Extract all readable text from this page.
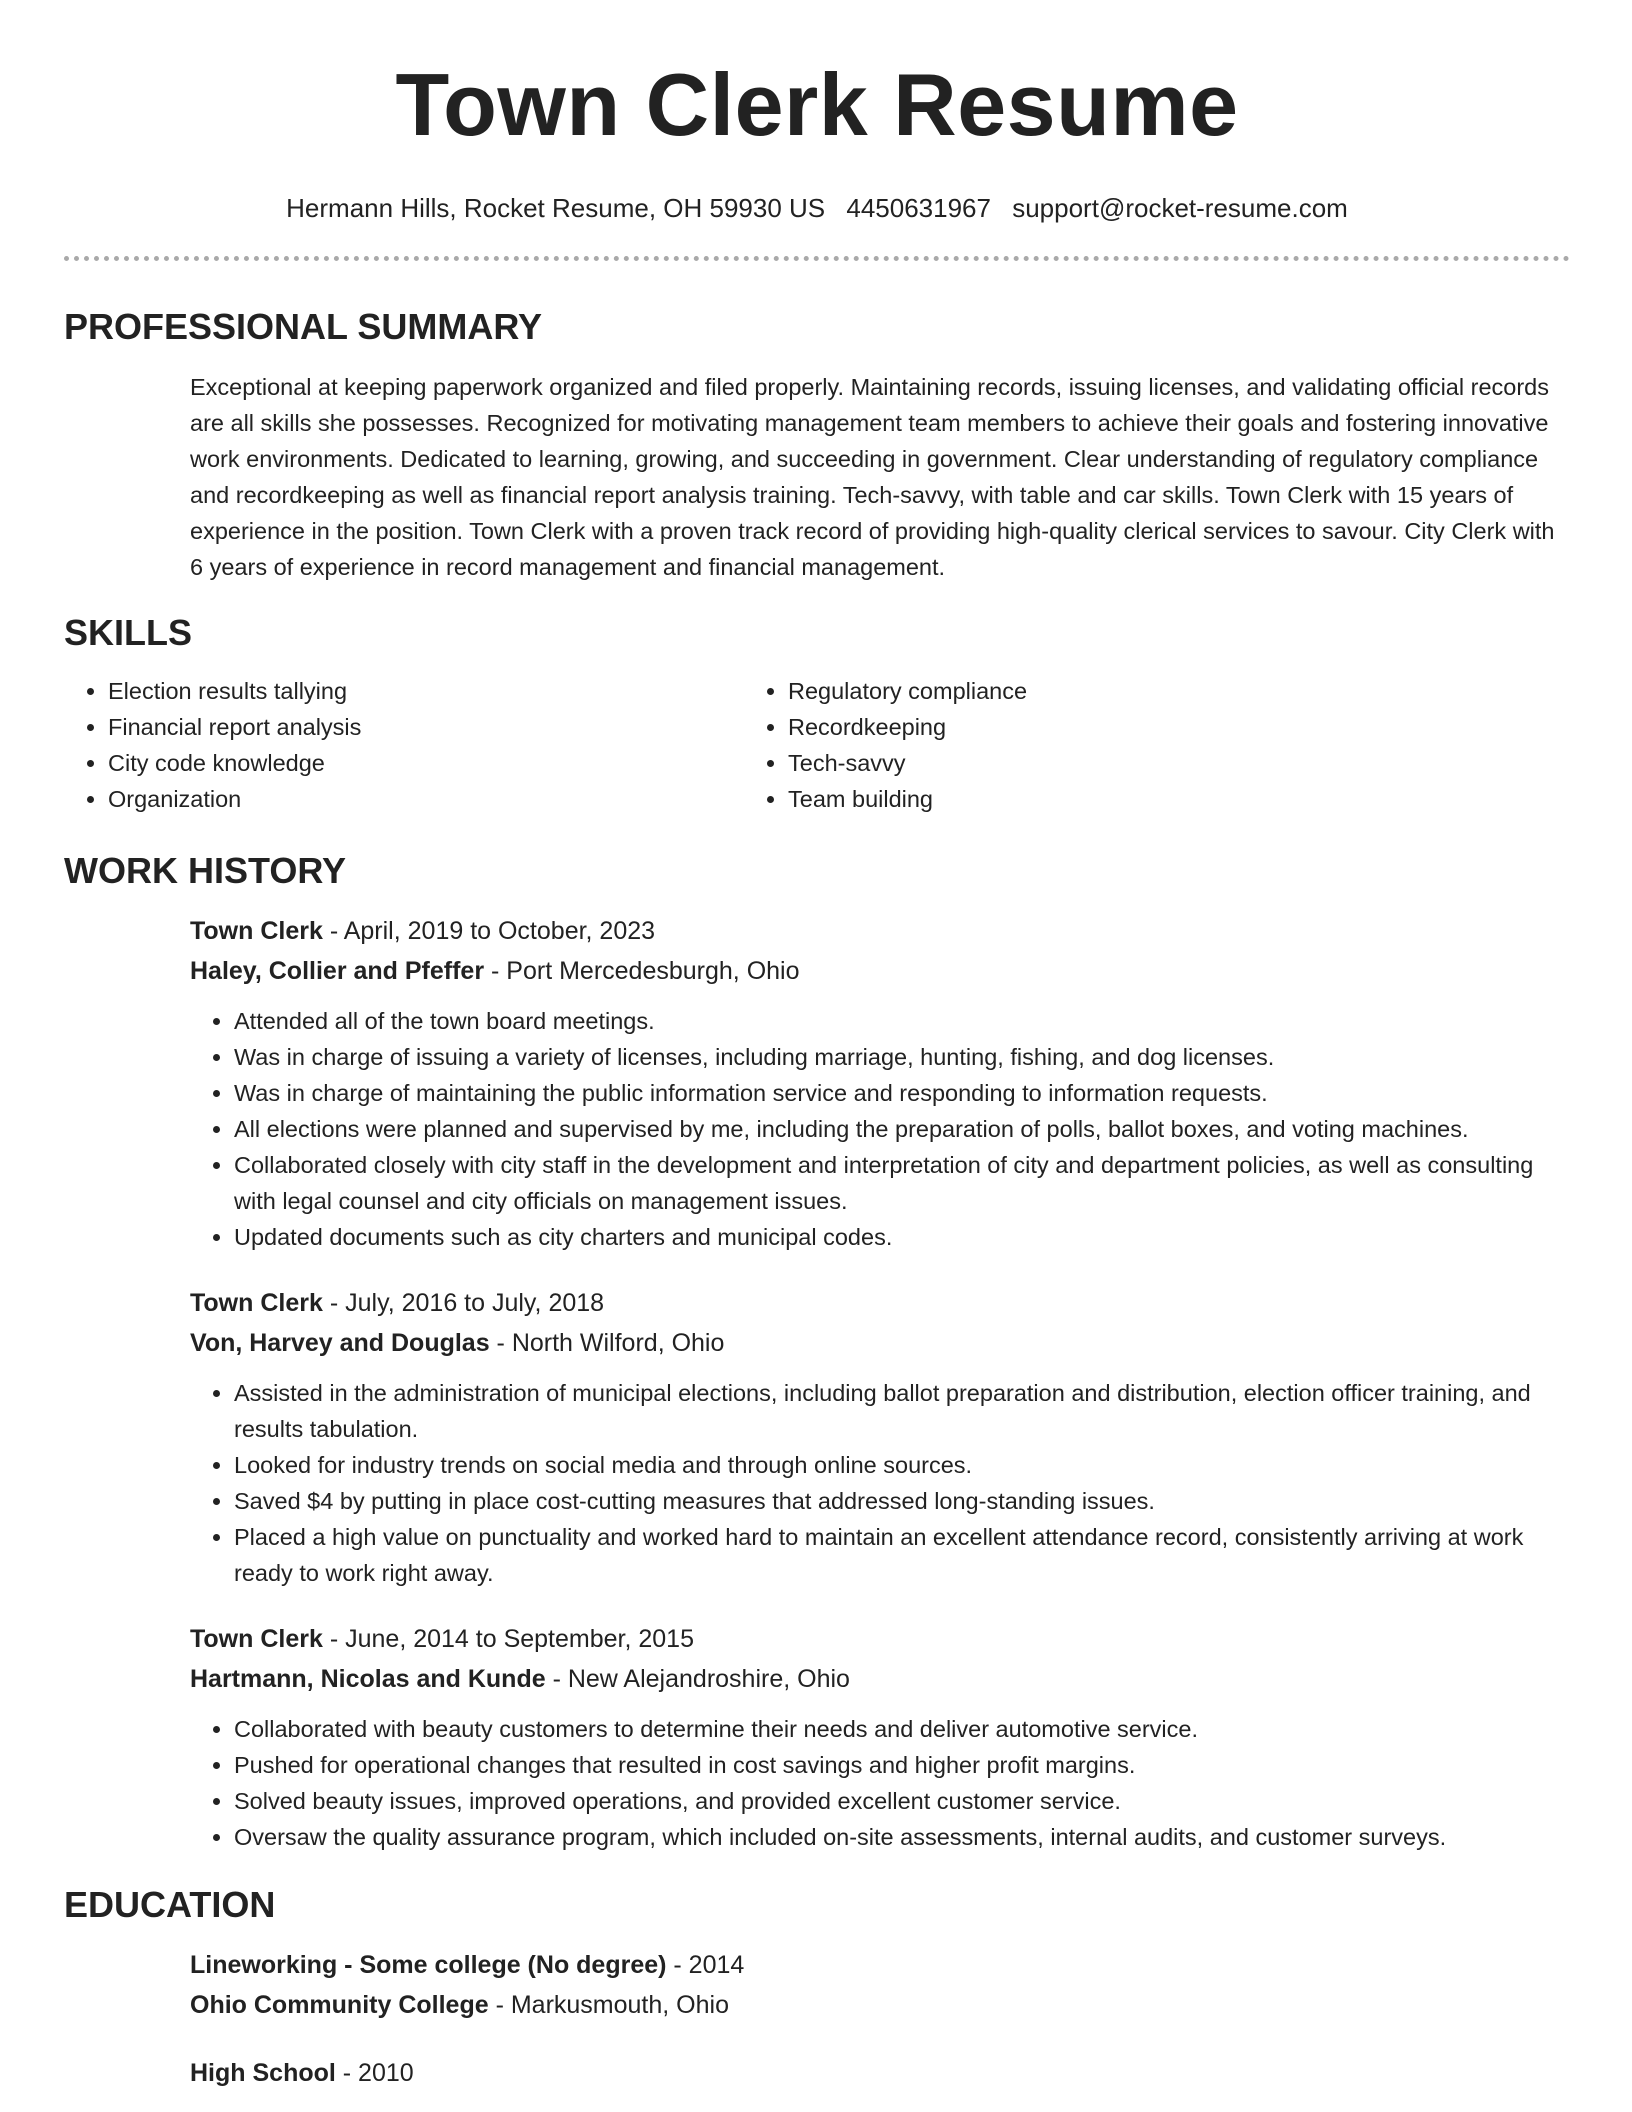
Town Clerk Resume
Hermann Hills, Rocket Resume, OH 59930 US 4450631967 support@rocket-resume.com
PROFESSIONAL SUMMARY

Exceptional at keeping paperwork organized and filed properly. Maintaining records, issuing licenses, and validating official records are all skills she possesses. Recognized for motivating management team members to achieve their goals and fostering innovative work environments. Dedicated to learning, growing, and succeeding in government. Clear understanding of regulatory compliance and recordkeeping as well as financial report analysis training. Tech-savvy, with table and car skills. Town Clerk with 15 years of experience in the position. Town Clerk with a proven track record of providing high-quality clerical services to savour. City Clerk with 6 years of experience in record management and financial management.

SKILLS
• Election results tallying
• Financial report analysis
• City code knowledge
• Organization
• Regulatory compliance
• Recordkeeping
• Tech-savvy
• Team building
WORK HISTORY
Town Clerk - April, 2019 to October, 2023
Haley, Collier and Pfeffer - Port Mercedesburgh, Ohio
• Attended all of the town board meetings.
• Was in charge of issuing a variety of licenses, including marriage, hunting, fishing, and dog licenses.
• Was in charge of maintaining the public information service and responding to information requests.
• All elections were planned and supervised by me, including the preparation of polls, ballot boxes, and voting machines.
• Collaborated closely with city staff in the development and interpretation of city and department policies, as well as consulting with legal counsel and city officials on management issues.
• Updated documents such as city charters and municipal codes.
Town Clerk - July, 2016 to July, 2018
Von, Harvey and Douglas - North Wilford, Ohio
• Assisted in the administration of municipal elections, including ballot preparation and distribution, election officer training, and results tabulation.
• Looked for industry trends on social media and through online sources.
• Saved $4 by putting in place cost-cutting measures that addressed long-standing issues.
• Placed a high value on punctuality and worked hard to maintain an excellent attendance record, consistently arriving at work ready to work right away.
Town Clerk - June, 2014 to September, 2015
Hartmann, Nicolas and Kunde - New Alejandroshire, Ohio
• Collaborated with beauty customers to determine their needs and deliver automotive service.
• Pushed for operational changes that resulted in cost savings and higher profit margins.
• Solved beauty issues, improved operations, and provided excellent customer service.
• Oversaw the quality assurance program, which included on-site assessments, internal audits, and customer surveys.
EDUCATION
Lineworking - Some college (No degree) - 2014
Ohio Community College - Markusmouth, Ohio
High School - 2010
